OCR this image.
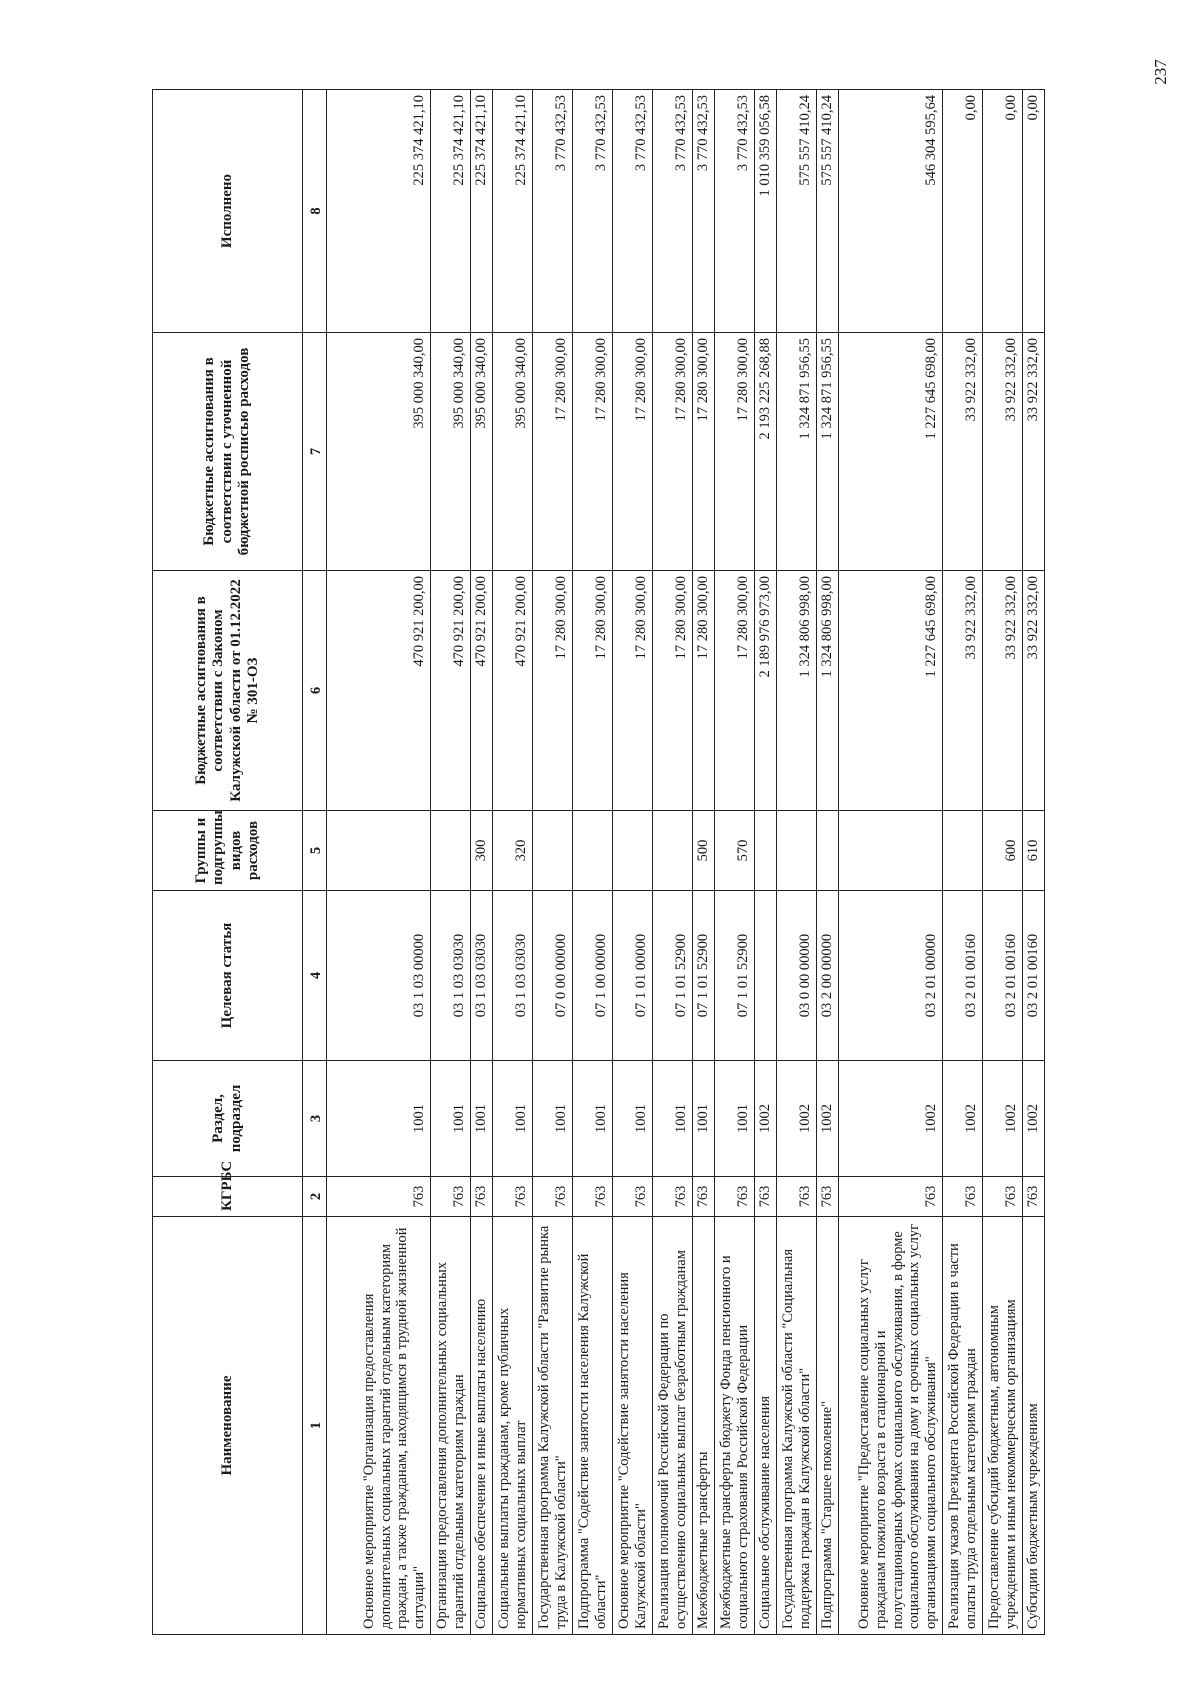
237
Наименование	КГРБС	Раздел, подраздел	Целевая статья	Группы и подгруппы видов расходов	Бюджетные ассигнования в соответствии с Законом Калужской области от 01.12.2022 № 301-ОЗ	Бюджетные ассигнования в соответствии с уточненной бюджетной росписью расходов	Исполнено
1	2	3	4	5	6	7	8
Основное мероприятие "Организация предоставления дополнительных социальных гарантий отдельным категориям граждан, а также гражданам, находящимся в трудной жизненной ситуации"	763	1001	03 1 03 00000		470 921 200,00	395 000 340,00	225 374 421,10
Организация предоставления дополнительных социальных гарантий отдельным категориям граждан	763	1001	03 1 03 03030		470 921 200,00	395 000 340,00	225 374 421,10
Социальное обеспечение и иные выплаты населению	763	1001	03 1 03 03030	300	470 921 200,00	395 000 340,00	225 374 421,10
Социальные выплаты гражданам, кроме публичных нормативных социальных выплат	763	1001	03 1 03 03030	320	470 921 200,00	395 000 340,00	225 374 421,10
Государственная программа Калужской области "Развитие рынка труда в Калужской области"	763	1001	07 0 00 00000		17 280 300,00	17 280 300,00	3 770 432,53
Подпрограмма "Содействие занятости населения Калужской области"	763	1001	07 1 00 00000		17 280 300,00	17 280 300,00	3 770 432,53
Основное мероприятие "Содействие занятости населения Калужской области"	763	1001	07 1 01 00000		17 280 300,00	17 280 300,00	3 770 432,53
Реализация полномочий Российской Федерации по осуществлению социальных выплат безработным гражданам	763	1001	07 1 01 52900		17 280 300,00	17 280 300,00	3 770 432,53
Межбюджетные трансферты	763	1001	07 1 01 52900	500	17 280 300,00	17 280 300,00	3 770 432,53
Межбюджетные трансферты бюджету Фонда пенсионного и социального страхования Российской Федерации	763	1001	07 1 01 52900	570	17 280 300,00	17 280 300,00	3 770 432,53
Социальное обслуживание населения	763	1002			2 189 976 973,00	2 193 225 268,88	1 010 359 056,58
Государственная программа Калужской области "Социальная поддержка граждан в Калужской области"	763	1002	03 0 00 00000		1 324 806 998,00	1 324 871 956,55	575 557 410,24
Подпрограмма "Старшее поколение"	763	1002	03 2 00 00000		1 324 806 998,00	1 324 871 956,55	575 557 410,24
Основное мероприятие "Предоставление социальных услуг гражданам пожилого возраста в стационарной и полустационарных формах социального обслуживания, в форме социального обслуживания на дому и срочных социальных услуг организациями социального обслуживания"	763	1002	03 2 01 00000		1 227 645 698,00	1 227 645 698,00	546 304 595,64
Реализация указов Президента Российской Федерации в части оплаты труда отдельным категориям граждан	763	1002	03 2 01 00160		33 922 332,00	33 922 332,00	0,00
Предоставление субсидий бюджетным, автономным учреждениям и иным некоммерческим организациям	763	1002	03 2 01 00160	600	33 922 332,00	33 922 332,00	0,00
Субсидии бюджетным учреждениям	763	1002	03 2 01 00160	610	33 922 332,00	33 922 332,00	0,00
